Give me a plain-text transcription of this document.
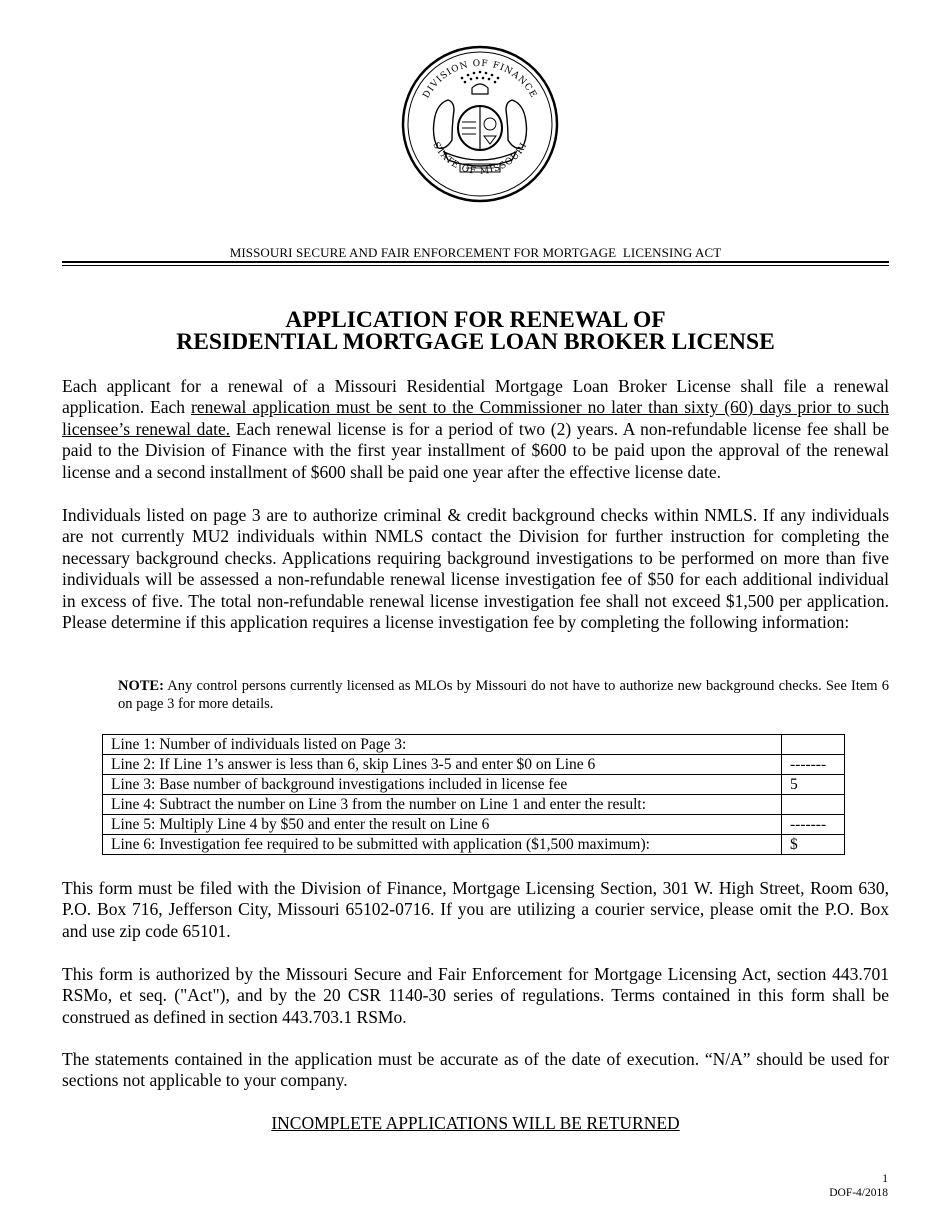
DIVISION OF FINANCE
STATE OF MISSOURI
MISSOURI SECURE AND FAIR ENFORCEMENT FOR MORTGAGE  LICENSING ACT
APPLICATION FOR RENEWAL OF
RESIDENTIAL MORTGAGE LOAN BROKER LICENSE

Each applicant for a renewal of a Missouri Residential Mortgage Loan Broker License shall file a renewal application. Each renewal application must be sent to the Commissioner no later than sixty (60) days prior to such licensee’s renewal date. Each renewal license is for a period of two (2) years. A non-refundable license fee shall be paid to the Division of Finance with the first year installment of $600 to be paid upon the approval of the renewal license and a second installment of $600 shall be paid one year after the effective license date.

Individuals listed on page 3 are to authorize criminal & credit background checks within NMLS. If any individuals are not currently MU2 individuals within NMLS contact the Division for further instruction for completing the necessary background checks. Applications requiring background investigations to be performed on more than five individuals will be assessed a non-refundable renewal license investigation fee of $50 for each additional individual in excess of five. The total non-refundable renewal license investigation fee shall not exceed $1,500 per application. Please determine if this application requires a license investigation fee by completing the following information:

NOTE: Any control persons currently licensed as MLOs by Missouri do not have to authorize new background checks. See Item 6 on page 3 for more details.

Line 1: Number of individuals listed on Page 3:	
Line 2: If Line 1’s answer is less than 6, skip Lines 3-5 and enter $0 on Line 6	-------
Line 3: Base number of background investigations included in license fee	5
Line 4: Subtract the number on Line 3 from the number on Line 1 and enter the result:	
Line 5: Multiply Line 4 by $50 and enter the result on Line 6	-------
Line 6: Investigation fee required to be submitted with application ($1,500 maximum):	$

This form must be filed with the Division of Finance, Mortgage Licensing Section, 301 W. High Street, Room 630, P.O. Box 716, Jefferson City, Missouri 65102-0716. If you are utilizing a courier service, please omit the P.O. Box and use zip code 65101.

This form is authorized by the Missouri Secure and Fair Enforcement for Mortgage Licensing Act, section 443.701 RSMo, et seq. ("Act"), and by the 20 CSR 1140-30 series of regulations. Terms contained in this form shall be construed as defined in section 443.703.1 RSMo.

The statements contained in the application must be accurate as of the date of execution. “N/A” should be used for sections not applicable to your company.

INCOMPLETE APPLICATIONS WILL BE RETURNED
1
DOF-4/2018
